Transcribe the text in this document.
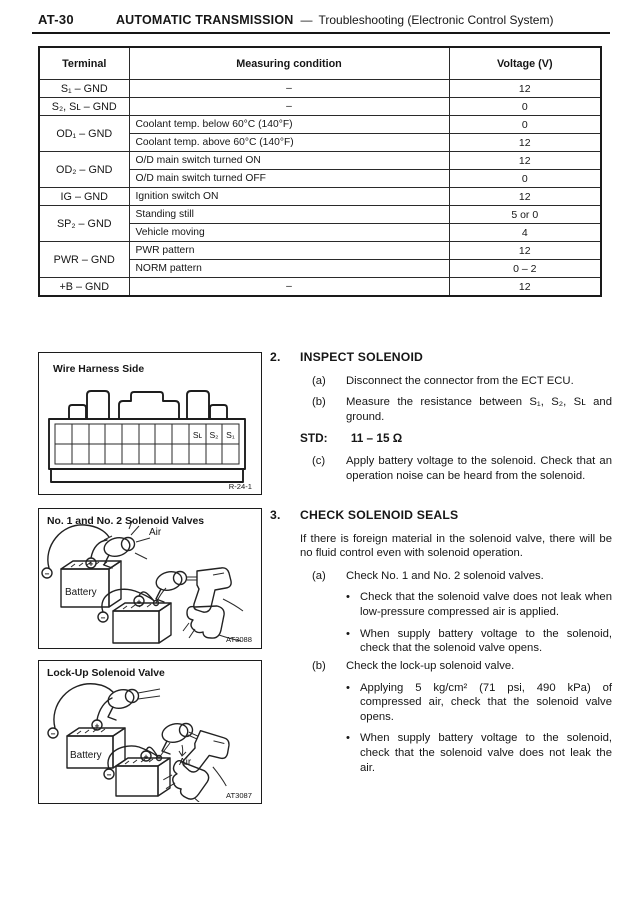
AT-30	AUTOMATIC TRANSMISSION — Troubleshooting (Electronic Control System)
Terminal	Measuring condition	Voltage (V)
S₁ – GND	–	12
S₂, Sʟ – GND	–	0
OD₁ – GND	Coolant temp. below 60°C (140°F)	0
	Coolant temp. above 60°C (140°F)	12
OD₂ – GND	O/D main switch turned ON	12
	O/D main switch turned OFF	0
IG – GND	Ignition switch ON	12
SP₂ – GND	Standing still	5 or 0
	Vehicle moving	4
PWR – GND	PWR pattern	12
	NORM pattern	0 – 2
+B – GND	–	12
Wire Harness Side
Sʟ S₂ S₁
R-24-1
No. 1 and No. 2 Solenoid Valves
Battery
+
−
Air
+
−
AT3088
Lock-Up Solenoid Valve
Battery
+
−
+
−
Air
AT3087
2.	INSPECT SOLENOID
(a)	Disconnect the connector from the ECT ECU.
(b)	Measure the resistance between S₁, S₂, Sʟ and ground.
STD: 11 – 15 Ω
(c)	Apply battery voltage to the solenoid. Check that an operation noise can be heard from the solenoid.
3.	CHECK SOLENOID SEALS
If there is foreign material in the solenoid valve, there will be no fluid control even with solenoid operation.
(a)	Check No. 1 and No. 2 solenoid valves.
• Check that the solenoid valve does not leak when low-pressure compressed air is applied.
• When supply battery voltage to the solenoid, check that the solenoid valve opens.
(b)	Check the lock-up solenoid valve.
• Applying 5 kg/cm² (71 psi, 490 kPa) of compressed air, check that the solenoid valve opens.
• When supply battery voltage to the solenoid, check that the solenoid valve does not leak the air.
